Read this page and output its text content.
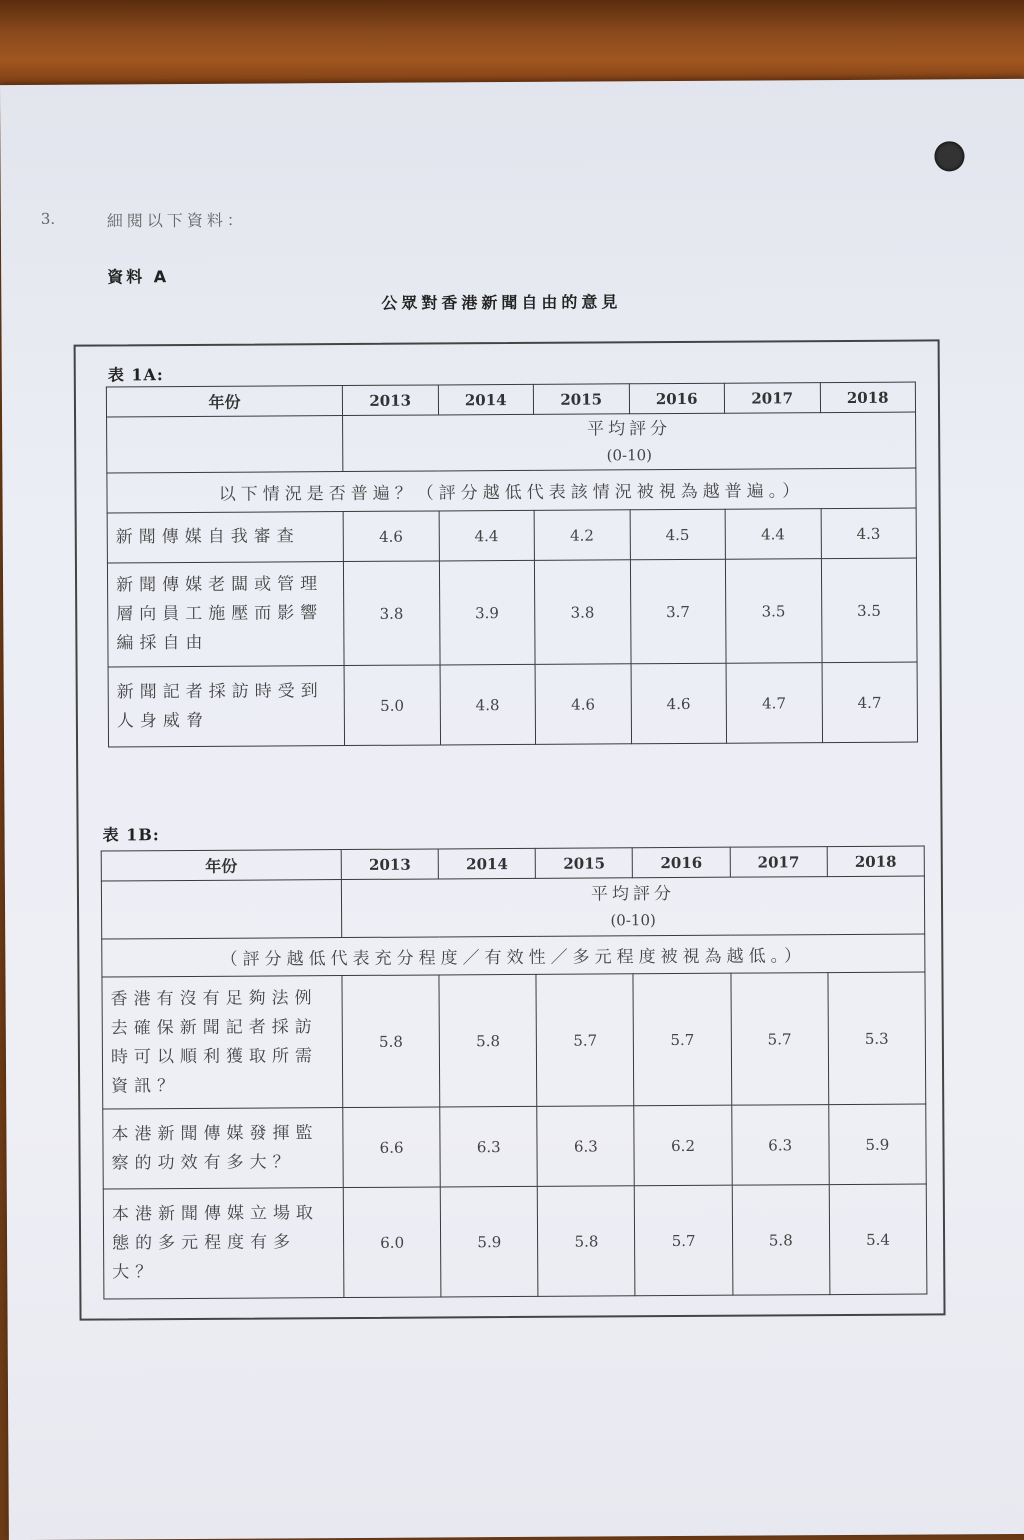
3.	細閱以下資料：
資料 A
公眾對香港新聞自由的意見
表 1A:
年份	2013	2014	2015	2016	2017	2018

	平均評分
(0-10)					

以下情況是否普遍？（評分越低代表該情況被視為越普遍。）						
新聞傳媒自我審查	4.6	4.4	4.2	4.5	4.4	4.3
新聞傳媒老闆或管理層向員工施壓而影響編採自由	3.8	3.9	3.8	3.7	3.5	3.5
新聞記者採訪時受到人身威脅	5.0	4.8	4.6	4.6	4.7	4.7
表 1B:
年份	2013	2014	2015	2016	2017	2018

	平均評分
(0-10)					

（評分越低代表充分程度／有效性／多元程度被視為越低。）						
香港有沒有足夠法例去確保新聞記者採訪時可以順利獲取所需資訊？	5.8	5.8	5.7	5.7	5.7	5.3
本港新聞傳媒發揮監察的功效有多大？	6.6	6.3	6.3	6.2	6.3	5.9
本港新聞傳媒立場取態的多元程度有多大？	6.0	5.9	5.8	5.7	5.8	5.4
